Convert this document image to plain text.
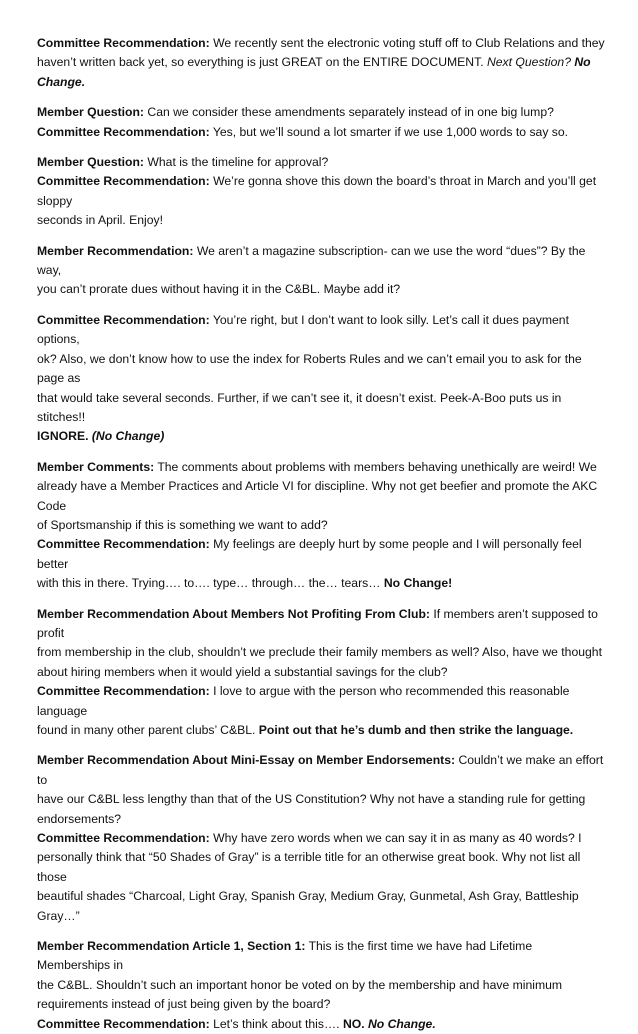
Committee Recommendation: We recently sent the electronic voting stuff off to Club Relations and they
haven’t written back yet, so everything is just GREAT on the ENTIRE DOCUMENT. Next Question? No
Change.
Member Question: Can we consider these amendments separately instead of in one big lump?
Committee Recommendation: Yes, but we’ll sound a lot smarter if we use 1,000 words to say so.
Member Question: What is the timeline for approval?
Committee Recommendation: We’re gonna shove this down the board’s throat in March and you’ll get sloppy
seconds in April. Enjoy!
Member Recommendation: We aren’t a magazine subscription- can we use the word “dues”? By the way,
you can’t prorate dues without having it in the C&BL. Maybe add it?
Committee Recommendation: You’re right, but I don’t want to look silly. Let’s call it dues payment options,
ok? Also, we don’t know how to use the index for Roberts Rules and we can’t email you to ask for the page as
that would take several seconds. Further, if we can’t see it, it doesn’t exist. Peek-A-Boo puts us in stitches!!
IGNORE. (No Change)
Member Comments: The comments about problems with members behaving unethically are weird! We
already have a Member Practices and Article VI for discipline. Why not get beefier and promote the AKC Code
of Sportsmanship if this is something we want to add?
Committee Recommendation: My feelings are deeply hurt by some people and I will personally feel better
with this in there. Trying…. to…. type… through… the… tears… No Change!
Member Recommendation About Members Not Profiting From Club: If members aren’t supposed to profit
from membership in the club, shouldn’t we preclude their family members as well? Also, have we thought
about hiring members when it would yield a substantial savings for the club?
Committee Recommendation: I love to argue with the person who recommended this reasonable language
found in many other parent clubs’ C&BL. Point out that he’s dumb and then strike the language.
Member Recommendation About Mini-Essay on Member Endorsements: Couldn’t we make an effort to
have our C&BL less lengthy than that of the US Constitution? Why not have a standing rule for getting
endorsements?
Committee Recommendation: Why have zero words when we can say it in as many as 40 words? I
personally think that “50 Shades of Gray” is a terrible title for an otherwise great book. Why not list all those
beautiful shades “Charcoal, Light Gray, Spanish Gray, Medium Gray, Gunmetal, Ash Gray, Battleship Gray…”
Member Recommendation Article 1, Section 1: This is the first time we have had Lifetime Memberships in
the C&BL. Shouldn’t such an important honor be voted on by the membership and have minimum
requirements instead of just being given by the board?
Committee Recommendation: Let’s think about this…. NO. No Change.
